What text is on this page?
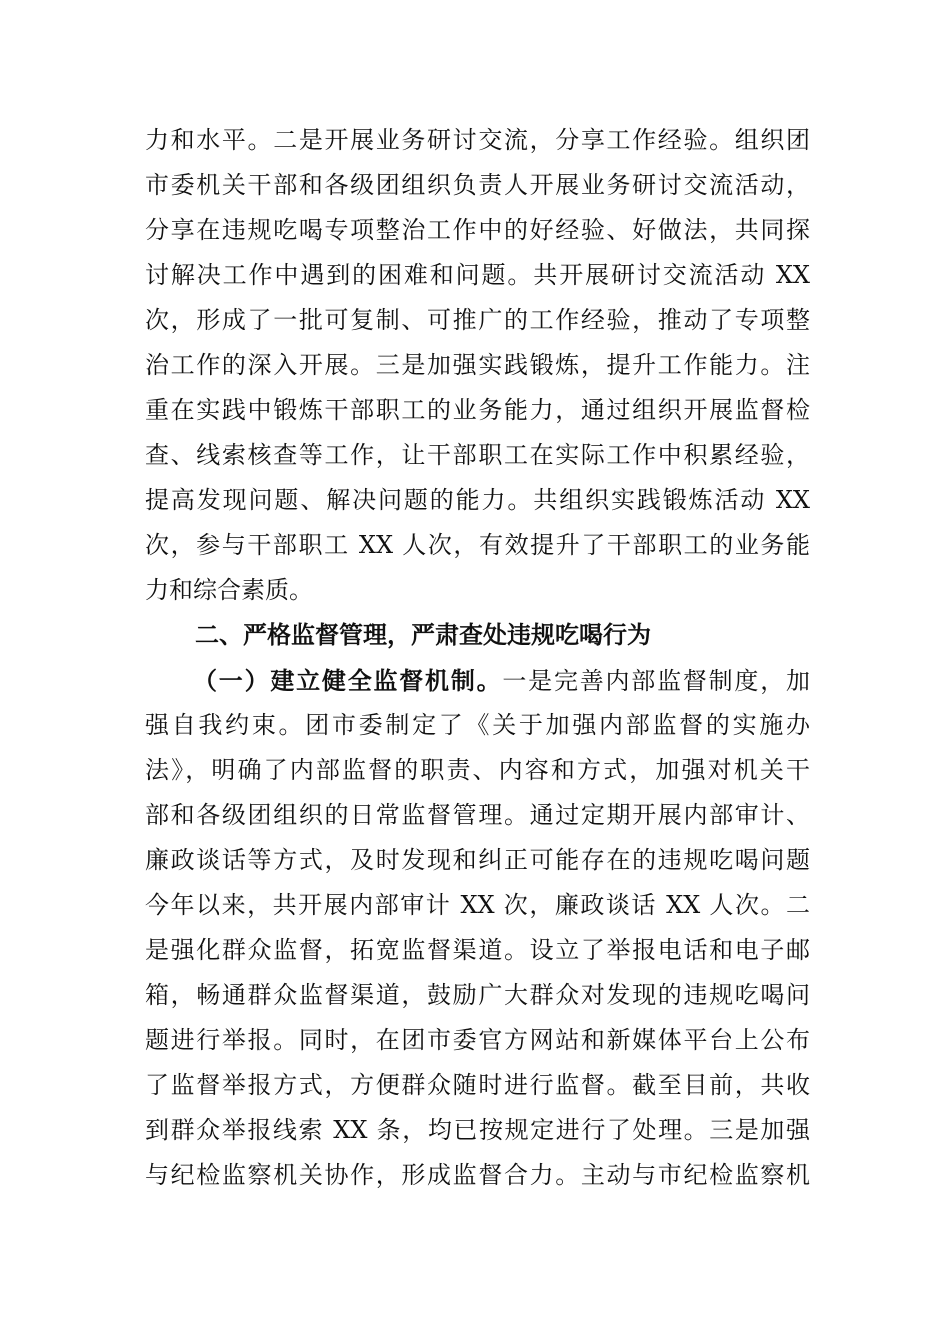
力和水平。二是开展业务研讨交流，分享工作经验。组织团
市委机关干部和各级团组织负责人开展业务研讨交流活动，
分享在违规吃喝专项整治工作中的好经验、好做法，共同探
讨解决工作中遇到的困难和问题。共开展研讨交流活动 XX
次，形成了一批可复制、可推广的工作经验，推动了专项整
治工作的深入开展。三是加强实践锻炼，提升工作能力。注
重在实践中锻炼干部职工的业务能力，通过组织开展监督检
查、线索核查等工作，让干部职工在实际工作中积累经验，
提高发现问题、解决问题的能力。共组织实践锻炼活动 XX
次，参与干部职工 XX 人次，有效提升了干部职工的业务能
力和综合素质。
二、严格监督管理，严肃查处违规吃喝行为
（一）建立健全监督机制。一是完善内部监督制度，加
强自我约束。团市委制定了《关于加强内部监督的实施办
法》，明确了内部监督的职责、内容和方式，加强对机关干
部和各级团组织的日常监督管理。通过定期开展内部审计、
廉政谈话等方式，及时发现和纠正可能存在的违规吃喝问题
今年以来，共开展内部审计 XX 次，廉政谈话 XX 人次。二
是强化群众监督，拓宽监督渠道。设立了举报电话和电子邮
箱，畅通群众监督渠道，鼓励广大群众对发现的违规吃喝问
题进行举报。同时，在团市委官方网站和新媒体平台上公布
了监督举报方式，方便群众随时进行监督。截至目前，共收
到群众举报线索 XX 条，均已按规定进行了处理。三是加强
与纪检监察机关协作，形成监督合力。主动与市纪检监察机
